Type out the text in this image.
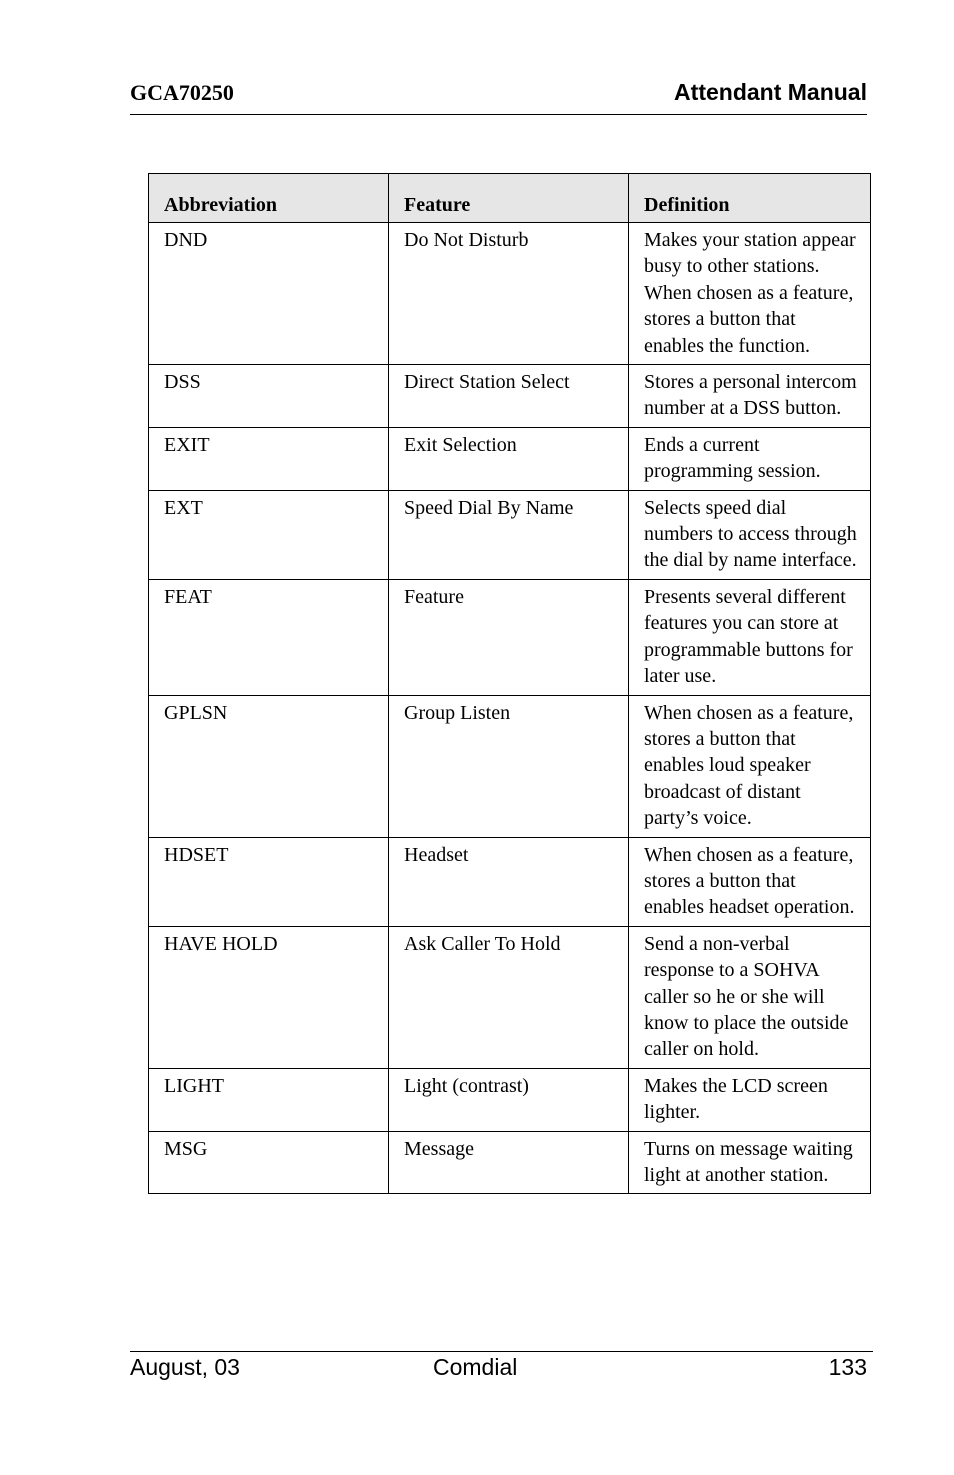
GCA70250	Attendant Manual
Abbreviation	Feature	Definition
DND	Do Not Disturb	Makes your station appear busy to other stations. When chosen as a feature, stores a button that enables the function.
DSS	Direct Station Select	Stores a personal intercom number at a DSS button.
EXIT	Exit Selection	Ends a current programming session.
EXT	Speed Dial By Name	Selects speed dial numbers to access through the dial by name interface.
FEAT	Feature	Presents several different features you can store at programmable buttons for later use.
GPLSN	Group Listen	When chosen as a feature, stores a button that enables loud speaker broadcast of distant party’s voice.
HDSET	Headset	When chosen as a feature, stores a button that enables headset operation.
HAVE HOLD	Ask Caller To Hold	Send a non-verbal response to a SOHVA caller so he or she will know to place the outside caller on hold.
LIGHT	Light (contrast)	Makes the LCD screen lighter.
MSG	Message	Turns on message waiting light at another station.
August, 03	Comdial	133
